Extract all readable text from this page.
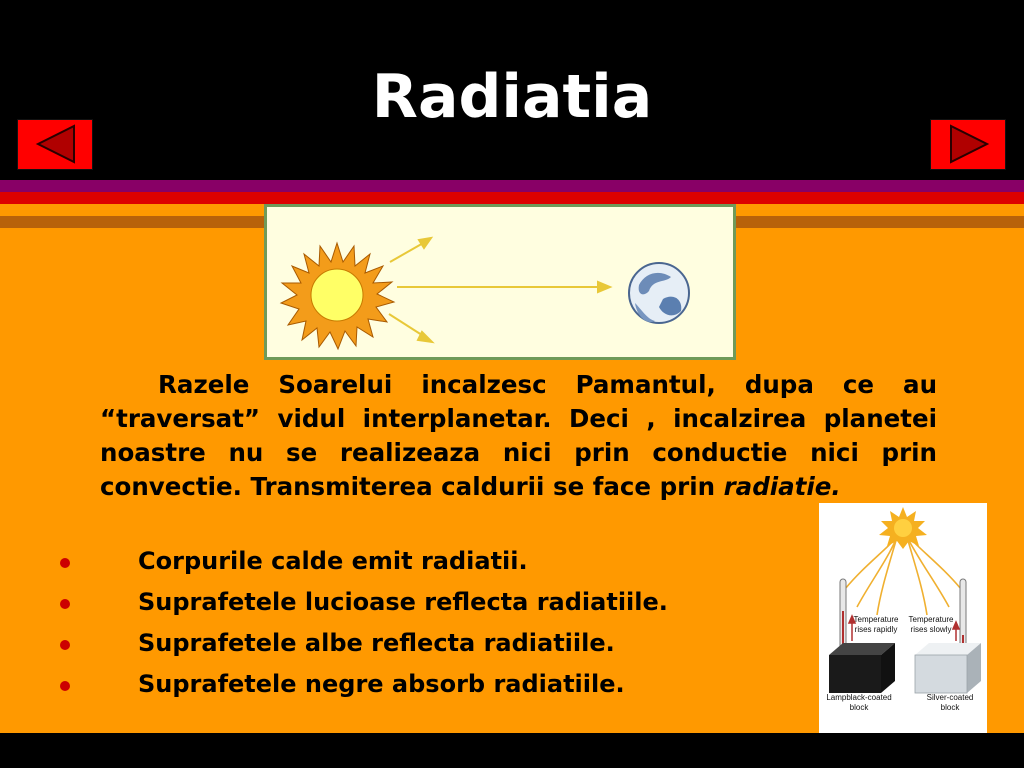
Radiatia
Razele Soarelui incalzesc Pamantul, dupa ce au “traversat” vidul interplanetar. Deci , incalzirea planetei noastre nu se realizeaza nici prin conductie nici prin convectie. Transmiterea caldurii se face prin radiatie.
Corpurile calde emit radiatii.
Suprafetele lucioase reflecta radiatiile.
Suprafetele albe reflecta radiatiile.
Suprafetele negre absorb radiatiile.
Temperature rises rapidly
Temperature rises slowly
Lampblack-coated block
Silver-coated block
